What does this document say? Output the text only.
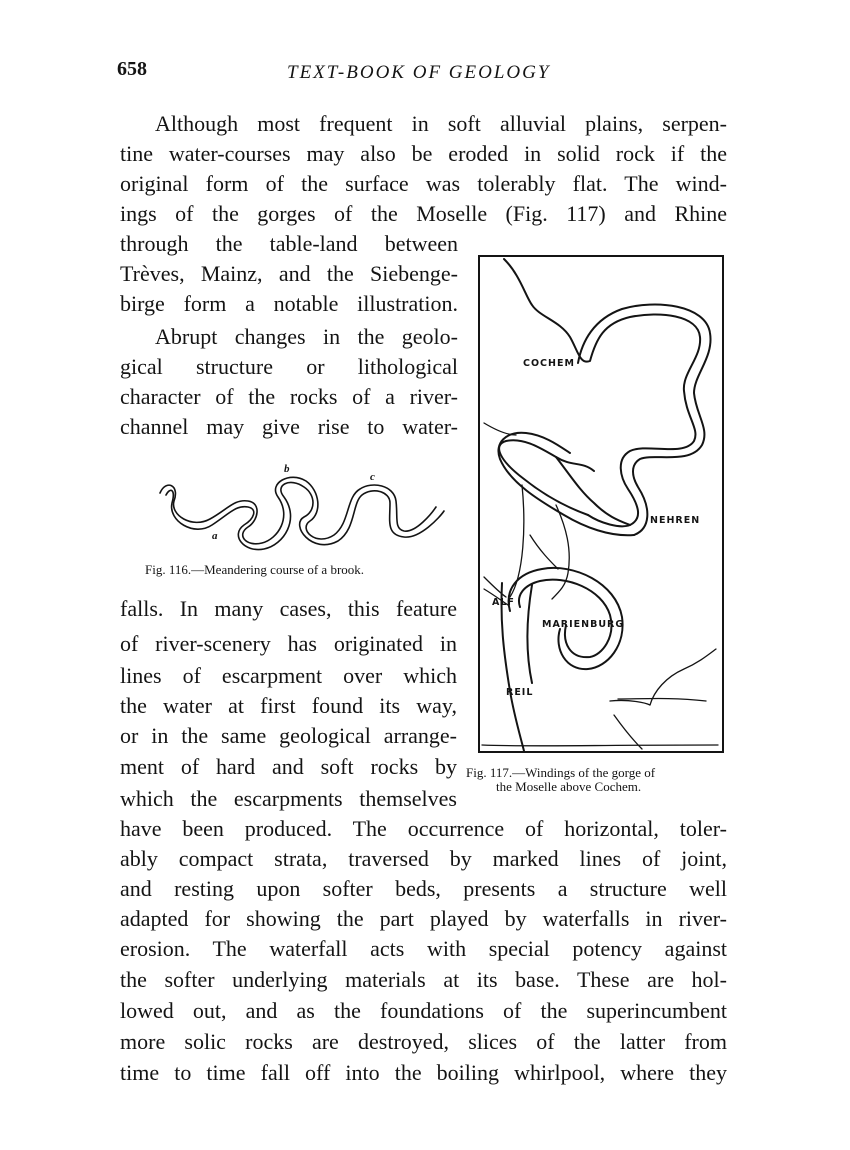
658	TEXT-BOOK OF GEOLOGY
Although most frequent in soft alluvial plains, serpen-
tine water-courses may also be eroded in solid rock if the
original form of the surface was tolerably flat. The wind-
ings of the gorges of the Moselle (Fig. 117) and Rhine
through the table-land between
Trèves, Mainz, and the Siebenge-
birge form a notable illustration.
Abrupt changes in the geolo-
gical structure or lithological
character of the rocks of a river-
channel may give rise to water-
falls. In many cases, this feature
of river-scenery has originated in
lines of escarpment over which
the water at first found its way,
or in the same geological arrange-
ment of hard and soft rocks by
which the escarpments themselves
have been produced. The occurrence of horizontal, toler-
ably compact strata, traversed by marked lines of joint,
and resting upon softer beds, presents a structure well
adapted for showing the part played by waterfalls in river-
erosion. The waterfall acts with special potency against
the softer underlying materials at its base. These are hol-
lowed out, and as the foundations of the superincumbent
more solic rocks are destroyed, slices of the latter from
time to time fall off into the boiling whirlpool, where they
b
c
a
Fig. 116.—Meandering course of a brook.
COCHEM
NEHREN
ALF
MARIENBURG
REIL
Fig. 117.—Windings of the gorge of
the Moselle above Cochem.
